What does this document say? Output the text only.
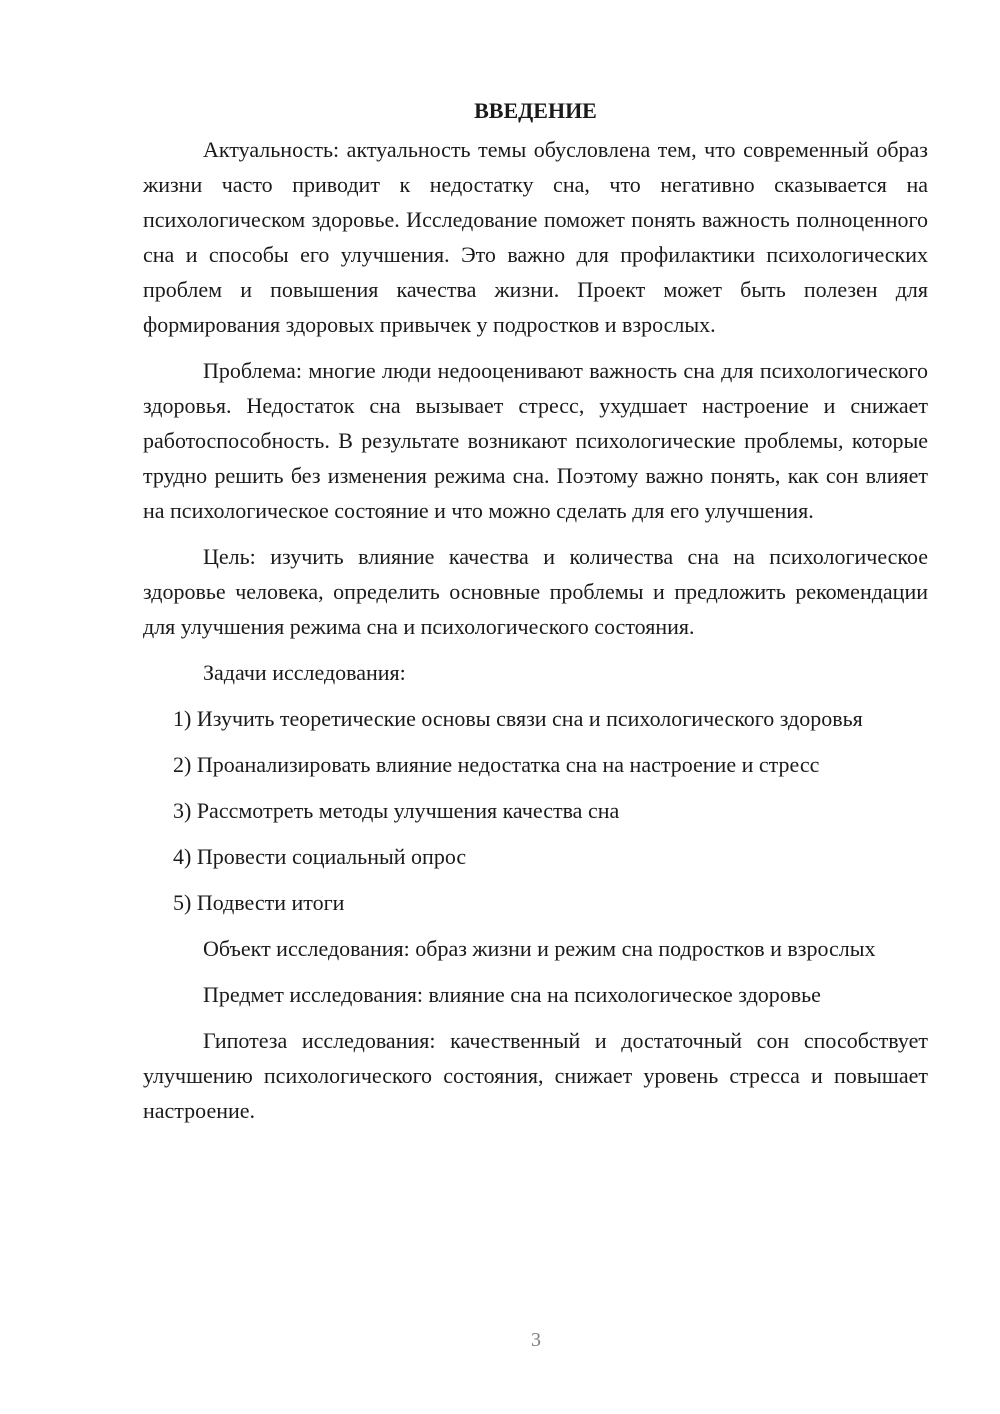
ВВЕДЕНИЕ

Актуальность: актуальность темы обусловлена тем, что современный образ жизни часто приводит к недостатку сна, что негативно сказывается на психологическом здоровье. Исследование поможет понять важность полноценного сна и способы его улучшения. Это важно для профилактики психологических проблем и повышения качества жизни. Проект может быть полезен для формирования здоровых привычек у подростков и взрослых.

Проблема: многие люди недооценивают важность сна для психологического здоровья. Недостаток сна вызывает стресс, ухудшает настроение и снижает работоспособность. В результате возникают психологические проблемы, которые трудно решить без изменения режима сна. Поэтому важно понять, как сон влияет на психологическое состояние и что можно сделать для его улучшения.

Цель: изучить влияние качества и количества сна на психологическое здоровье человека, определить основные проблемы и предложить рекомендации для улучшения режима сна и психологического состояния.

Задачи исследования:

1) Изучить теоретические основы связи сна и психологического здоровья

2) Проанализировать влияние недостатка сна на настроение и стресс

3) Рассмотреть методы улучшения качества сна

4) Провести социальный опрос

5) Подвести итоги

Объект исследования: образ жизни и режим сна подростков и взрослых

Предмет исследования: влияние сна на психологическое здоровье

Гипотеза исследования: качественный и достаточный сон способствует улучшению психологического состояния, снижает уровень стресса и повышает настроение.

3
